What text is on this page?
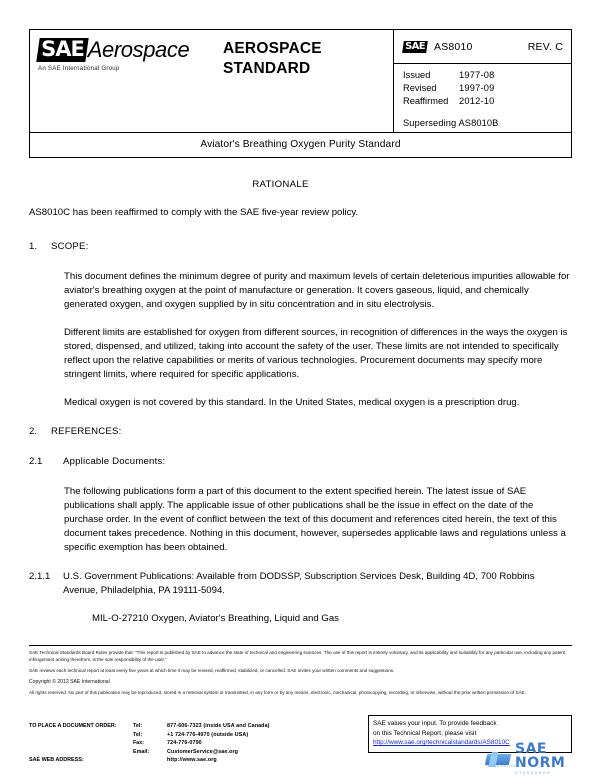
SAE Aerospace
An SAE International Group
AEROSPACE
STANDARD
SAE AS8010	REV. C
Issued	1977-08
Revised	1997-09
Reaffirmed	2012-10
Superseding AS8010B
Aviator's Breathing Oxygen Purity Standard
RATIONALE
AS8010C has been reaffirmed to comply with the SAE five-year review policy.
1.	SCOPE:

This document defines the minimum degree of purity and maximum levels of certain deleterious impurities allowable for aviator's breathing oxygen at the point of manufacture or generation. It covers gaseous, liquid, and chemically generated oxygen, and oxygen supplied by in situ concentration and in situ electrolysis.

Different limits are established for oxygen from different sources, in recognition of differences in the ways the oxygen is stored, dispensed, and utilized, taking into account the safety of the user. These limits are not intended to specifically reflect upon the relative capabilities or merits of various technologies. Procurement documents may specify more stringent limits, where required for specific applications.

Medical oxygen is not covered by this standard. In the United States, medical oxygen is a prescription drug.

2.	REFERENCES:
2.1	Applicable Documents:

The following publications form a part of this document to the extent specified herein. The latest issue of SAE publications shall apply. The applicable issue of other publications shall be the issue in effect on the date of the purchase order. In the event of conflict between the text of this document and references cited herein, the text of this document takes precedence. Nothing in this document, however, supersedes applicable laws and regulations unless a specific exemption has been obtained.

2.1.1	U.S. Government Publications: Available from DODSSP, Subscription Services Desk, Building 4D, 700 Robbins Avenue, Philadelphia, PA 19111-5094.

MIL-O-27210 Oxygen, Aviator's Breathing, Liquid and Gas

SAE Technical Standards Board Rules provide that: “This report is published by SAE to advance the state of technical and engineering sciences. The use of this report is entirely voluntary, and its applicability and suitability for any particular use, including any patent infringement arising therefrom, is the sole responsibility of the user.”

SAE reviews each technical report at least every five years at which time it may be revised, reaffirmed, stabilized, or cancelled. SAE invites your written comments and suggestions.

Copyright © 2012 SAE International

All rights reserved. No part of this publication may be reproduced, stored in a retrieval system or transmitted, in any form or by any means, electronic, mechanical, photocopying, recording, or otherwise, without the prior written permission of SAE.

TO PLACE A DOCUMENT ORDER:	Tel:	877-606-7323 (inside USA and Canada)
Tel:	+1 724-776-4970 (outside USA)
Fax:	724-776-0790
Email:	CustomerService@sae.org
SAE WEB ADDRESS:	http://www.sae.org
SAE values your input. To provide feedback
on this Technical Report, please visit
http://www.sae.org/technicalstandards/AS8010C SAE NORM
STANDARDS
INTERNATIONAL
